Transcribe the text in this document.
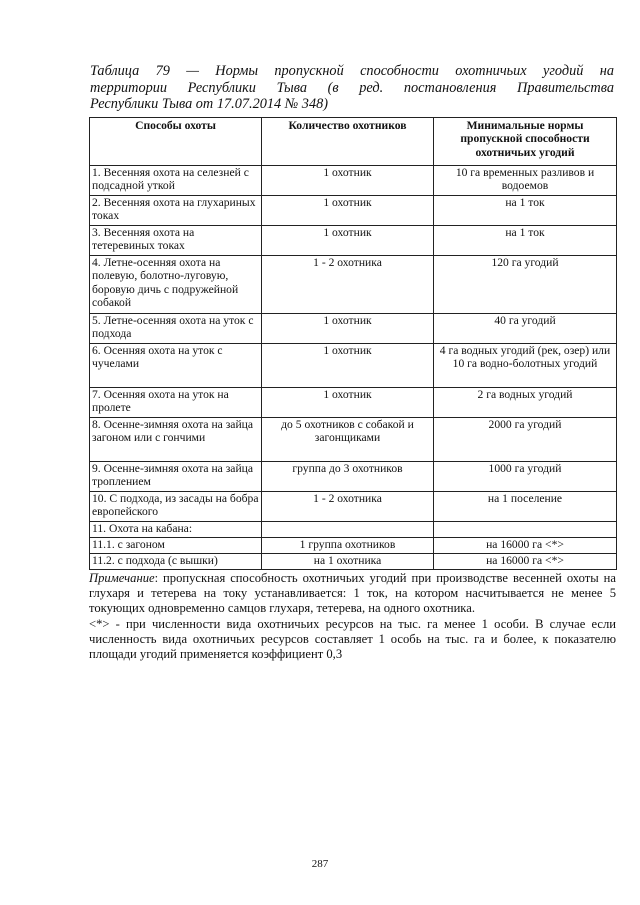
Таблица 79 — Нормы пропускной способности охотничьих угодий на
территории Республики Тыва (в ред. постановления Правительства
Республики Тыва от 17.07.2014 № 348)
Способы охоты	Количество охотников	Минимальные нормы пропускной способности охотничьих угодий
1. Весенняя охота на селезней с подсадной уткой	1 охотник	10 га временных разливов и водоемов
2. Весенняя охота на глухариных токах	1 охотник	на 1 ток
3. Весенняя охота на тетеревиных токах	1 охотник	на 1 ток
4. Летне-осенняя охота на полевую, болотно-луговую, боровую дичь с подружейной собакой	1 - 2 охотника	120 га угодий
5. Летне-осенняя охота на уток с подхода	1 охотник	40 га угодий
6. Осенняя охота на уток с чучелами	1 охотник	4 га водных угодий (рек, озер) или 10 га водно-болотных угодий
7. Осенняя охота на уток на пролете	1 охотник	2 га водных угодий
8. Осенне-зимняя охота на зайца загоном или с гончими	до 5 охотников с собакой и загонщиками	2000 га угодий
9. Осенне-зимняя охота на зайца троплением	группа до 3 охотников	1000 га угодий
10. С подхода, из засады на бобра европейского	1 - 2 охотника	на 1 поселение
11. Охота на кабана:		
11.1. с загоном	1 группа охотников	на 16000 га <*>
11.2. с подхода (с вышки)	на 1 охотника	на 16000 га <*>

Примечание: пропускная способность охотничьих угодий при производстве весенней охоты на глухаря и тетерева на току устанавливается: 1 ток, на котором насчитывается не менее 5 токующих одновременно самцов глухаря, тетерева, на одного охотника.

<*> - при численности вида охотничьих ресурсов на тыс. га менее 1 особи. В случае если численность вида охотничьих ресурсов составляет 1 особь на тыс. га и более, к показателю площади угодий применяется коэффициент 0,3

287
